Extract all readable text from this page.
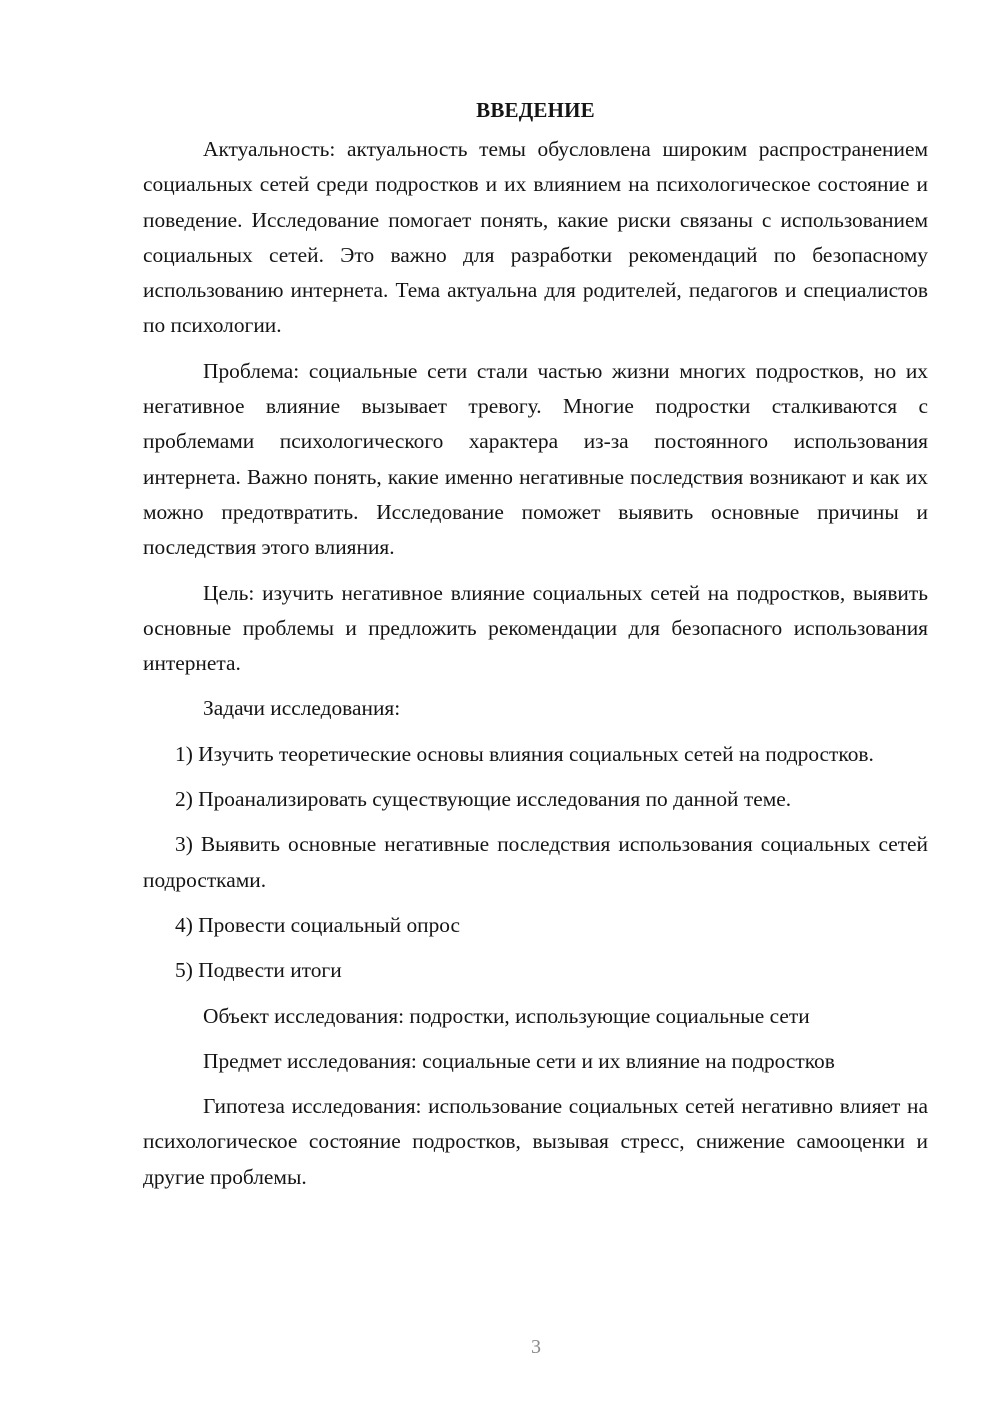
ВВЕДЕНИЕ

Актуальность: актуальность темы обусловлена широким распространением социальных сетей среди подростков и их влиянием на психологическое состояние и поведение. Исследование помогает понять, какие риски связаны с использованием социальных сетей. Это важно для разработки рекомендаций по безопасному использованию интернета. Тема актуальна для родителей, педагогов и специалистов по психологии.

Проблема: социальные сети стали частью жизни многих подростков, но их негативное влияние вызывает тревогу. Многие подростки сталкиваются с проблемами психологического характера из-за постоянного использования интернета. Важно понять, какие именно негативные последствия возникают и как их можно предотвратить. Исследование поможет выявить основные причины и последствия этого влияния.

Цель: изучить негативное влияние социальных сетей на подростков, выявить основные проблемы и предложить рекомендации для безопасного использования интернета.

Задачи исследования:

1) Изучить теоретические основы влияния социальных сетей на подростков.

2) Проанализировать существующие исследования по данной теме.

3) Выявить основные негативные последствия использования социальных сетей подростками.

4) Провести социальный опрос

5) Подвести итоги

Объект исследования: подростки, использующие социальные сети

Предмет исследования: социальные сети и их влияние на подростков

Гипотеза исследования: использование социальных сетей негативно влияет на психологическое состояние подростков, вызывая стресс, снижение самооценки и другие проблемы.

3
